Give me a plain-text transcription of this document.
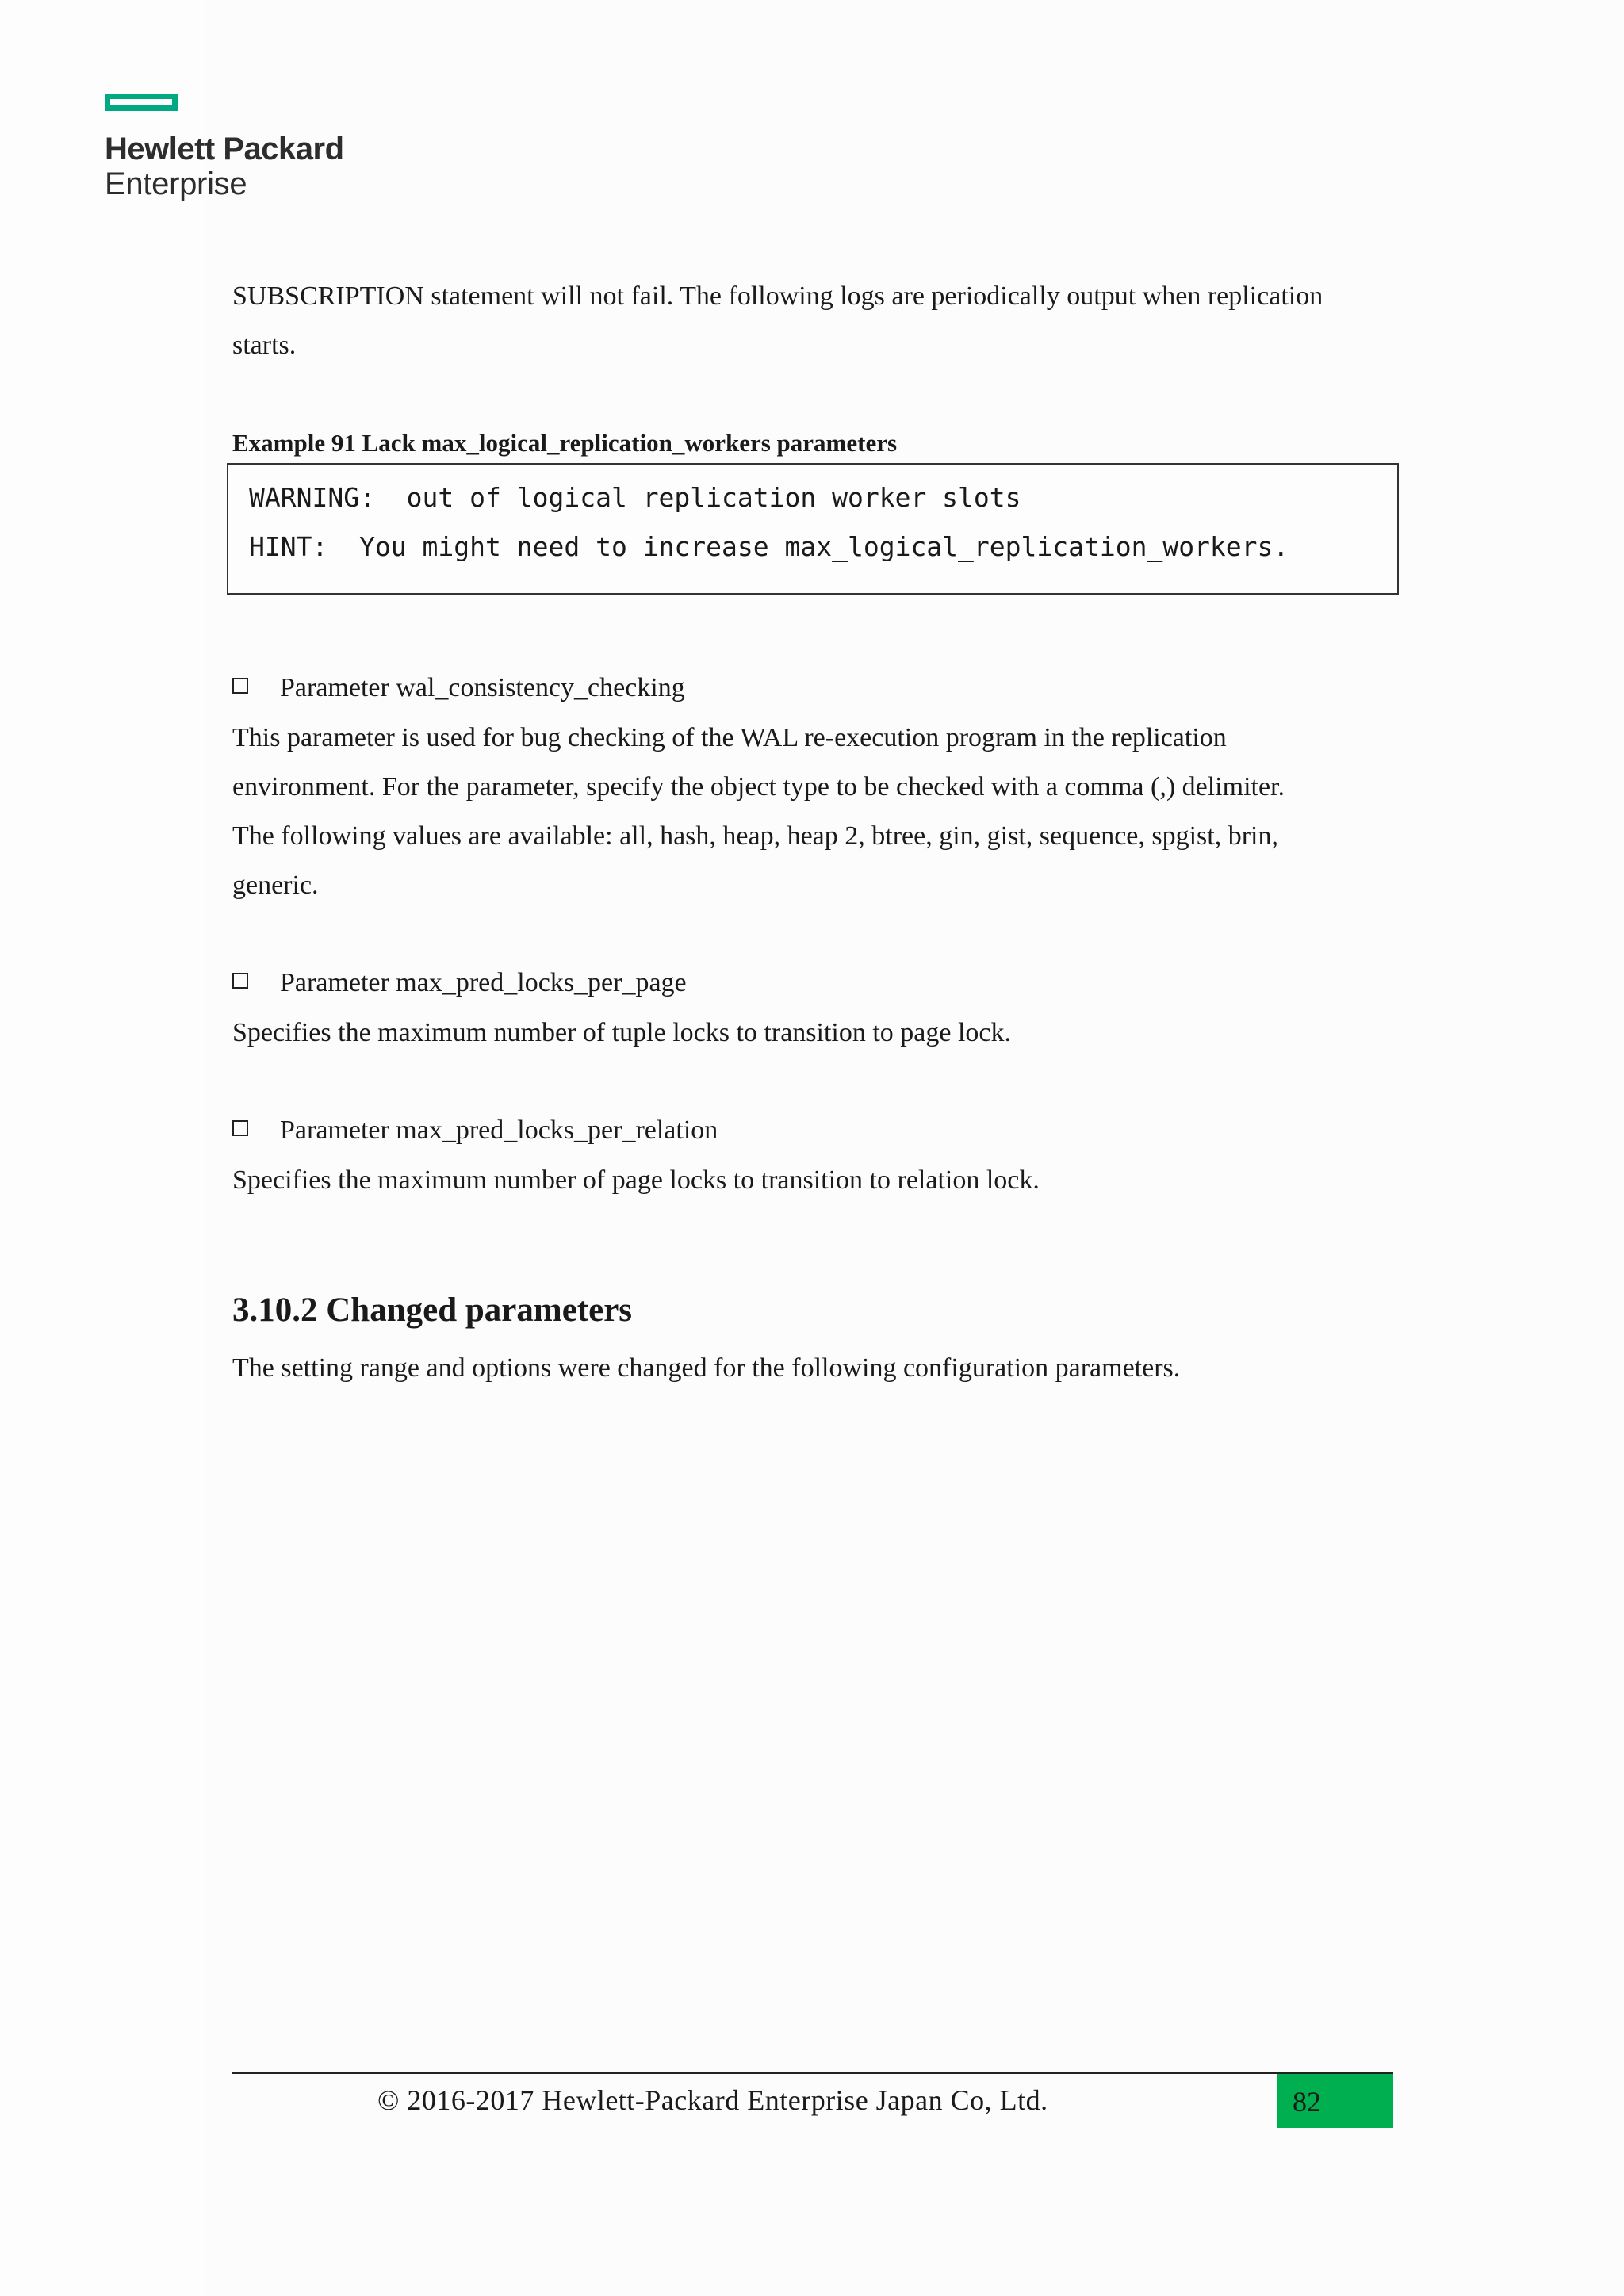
Hewlett Packard
Enterprise
SUBSCRIPTION statement will not fail. The following logs are periodically output when replication
starts.
Example 91 Lack max_logical_replication_workers parameters
WARNING:  out of logical replication worker slots
HINT:  You might need to increase max_logical_replication_workers.
Parameter wal_consistency_checking
This parameter is used for bug checking of the WAL re-execution program in the replication
environment. For the parameter, specify the object type to be checked with a comma (,) delimiter.
The following values are available: all, hash, heap, heap 2, btree, gin, gist, sequence, spgist, brin,
generic.
Parameter max_pred_locks_per_page
Specifies the maximum number of tuple locks to transition to page lock.
Parameter max_pred_locks_per_relation
Specifies the maximum number of page locks to transition to relation lock.
3.10.2 Changed parameters
The setting range and options were changed for the following configuration parameters.
© 2016-2017 Hewlett-Packard Enterprise Japan Co, Ltd.	82
